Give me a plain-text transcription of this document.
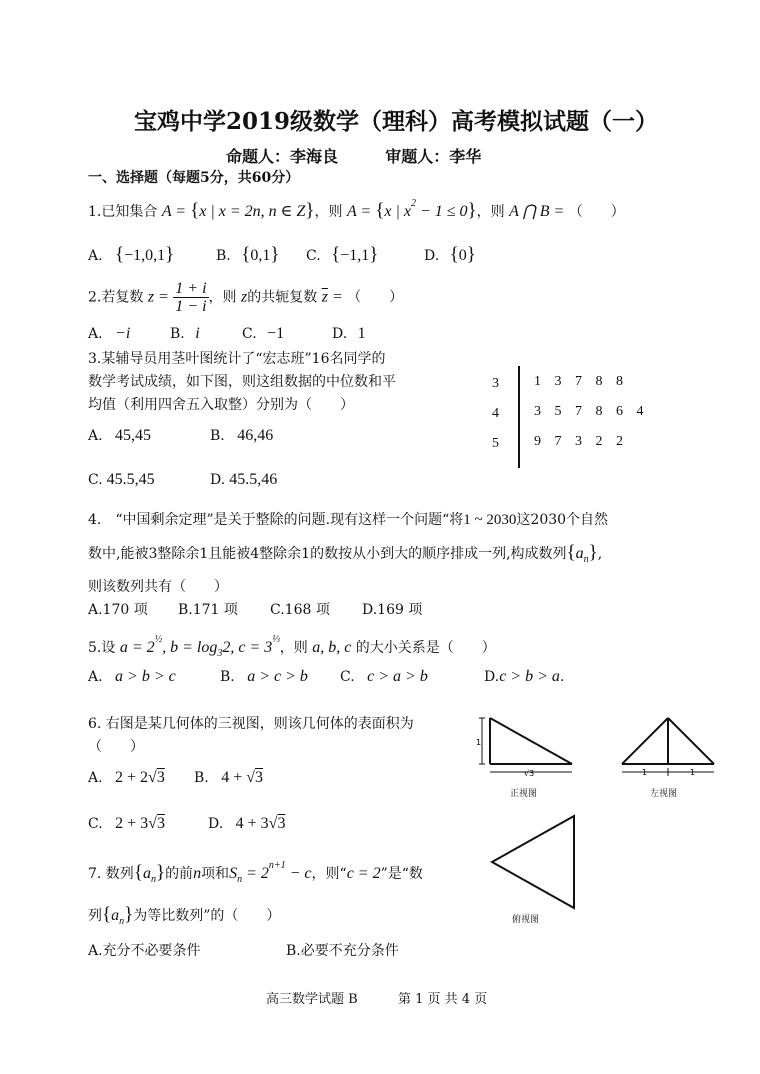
宝鸡中学2019级数学（理科）高考模拟试题（一）
命题人：李海良	审题人：李华
一、选择题（每题5分，共60分）
1.已知集合 A = {x | x = 2n, n ∈ Z}，则 A = {x | $x^2 - 1 \le 0$}，则 A ⋂ B = （　　）
A. {−1,0,1}	B. {0,1} C. {−1,1}	D. {0}
2.若复数 $z = \frac{1 + i}{1 - i}$ ，则 z的共轭复数 $\overline{z}$ = （　　）
A. −i	B. i	C. −1	D. 1
3.某辅导员用茎叶图统计了“宏志班”16名同学的
数学考试成绩，如下图，则这组数据的中位数和平
均值（利用四舍五入取整）分别为（　　）
A. 45,45	B. 46,46
C. 45.5,45	D. 45.5,46
3	1 3 7 8 8
4	3 5 7 8 6 4
5	9 7 3 2 2
4.　“中国剩余定理”是关于整除的问题.现有这样一个问题“将1 ~ 2030这2030个自然
数中,能被3整除余1且能被4整除余1的数按从小到大的顺序排成一列,构成数列$\{a_n\}$,
则该数列共有（　　）
A.170 项 B.171 项 C.168 项 D.169 项
5.设 $a = 2^{\frac{1}{2}}$, $b = \log_32$, $c = 3^{\frac{1}{3}}$，则 a, b, c 的大小关系是（　　）
A. a > b > c	B. a > c > b C. c > a > b	D.c > b > a.
6. 右图是某几何体的三视图，则该几何体的表面积为
（　　）
A. 2 + 2√3 B. 4 + √3
C. 2 + 3√3	D. 4 + 3√3
1
√3
正视图
1	1
左视图
俯视图
7. 数列$\{a_n\}$的前n项和$S_n = 2^{n+1} - c$，则“c = 2”是“数
列$\{a_n\}$为等比数列”的（　　）
A.充分不必要条件	B.必要不充分条件
高三数学试题 B	第 1 页 共 4 页
